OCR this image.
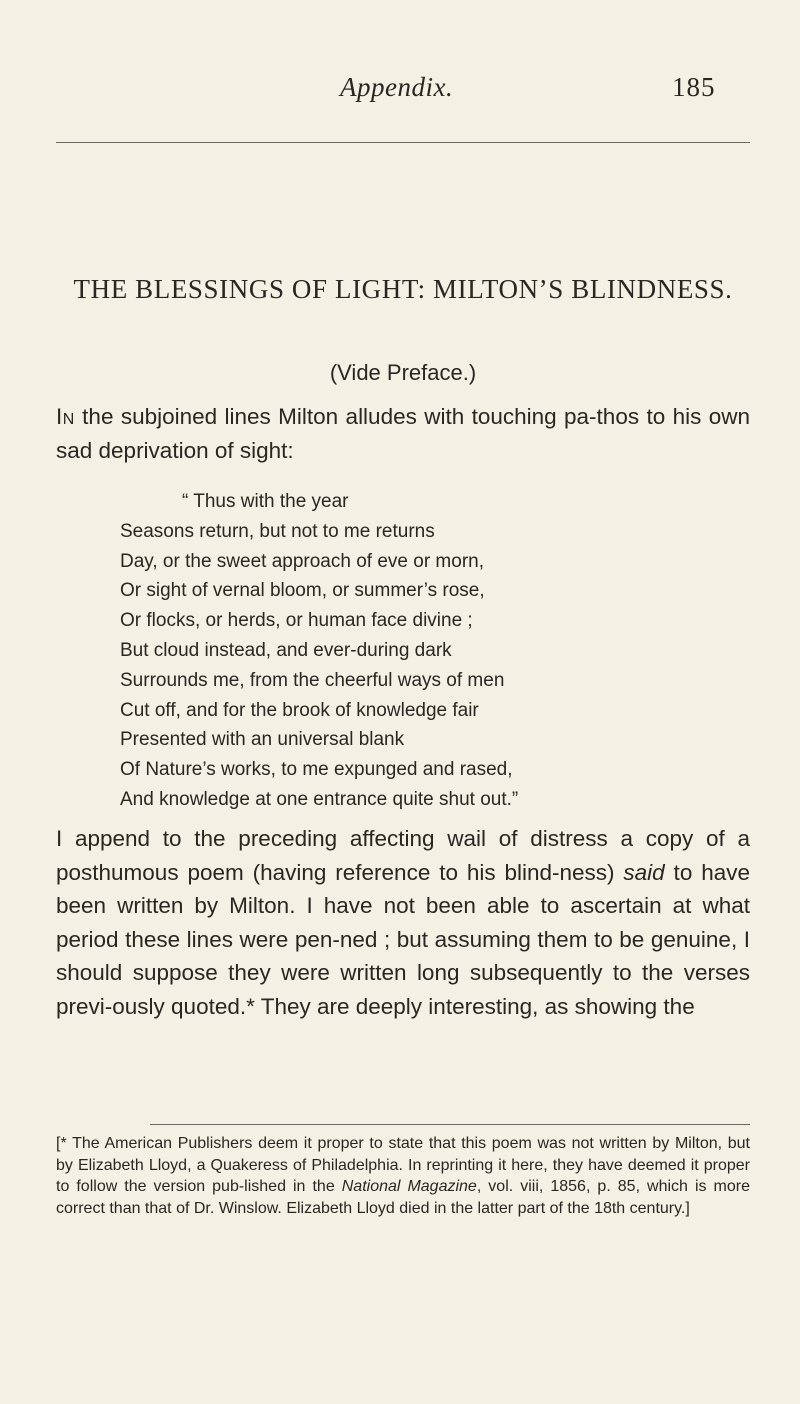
Appendix.	185
THE BLESSINGS OF LIGHT: MILTON’S BLINDNESS.
(Vide Preface.)

In the subjoined lines Milton alludes with touching pa-thos to his own sad deprivation of sight:

“ Thus with the year
Seasons return, but not to me returns
Day, or the sweet approach of eve or morn,
Or sight of vernal bloom, or summer’s rose,
Or flocks, or herds, or human face divine ;
But cloud instead, and ever-during dark
Surrounds me, from the cheerful ways of men
Cut off, and for the brook of knowledge fair
Presented with an universal blank
Of Nature’s works, to me expunged and rased,
And knowledge at one entrance quite shut out.”

I append to the preceding affecting wail of distress a copy of a posthumous poem (having reference to his blind-ness) said to have been written by Milton. I have not been able to ascertain at what period these lines were pen-ned ; but assuming them to be genuine, I should suppose they were written long subsequently to the verses previ-ously quoted.* They are deeply interesting, as showing the

[* The American Publishers deem it proper to state that this poem was not written by Milton, but by Elizabeth Lloyd, a Quakeress of Philadelphia. In reprinting it here, they have deemed it proper to follow the version pub-lished in the National Magazine, vol. viii, 1856, p. 85, which is more correct than that of Dr. Winslow. Elizabeth Lloyd died in the latter part of the 18th century.]
